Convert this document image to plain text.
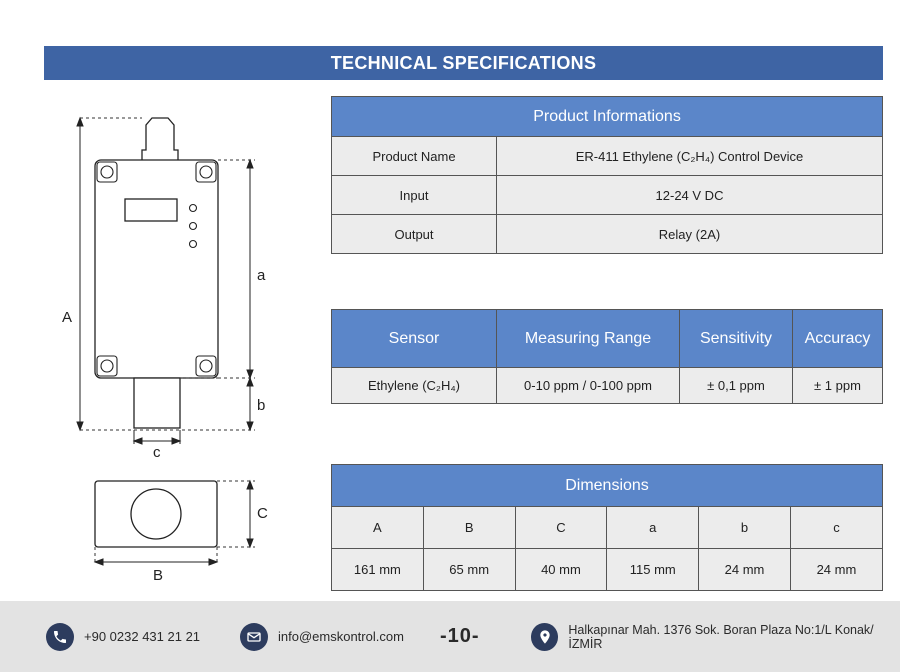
TECHNICAL SPECIFICATIONS
A
a
b
c
C
B
Product Informations	
Product Name	ER-411 Ethylene (C₂H₄) Control Device
Input	12-24 V DC
Output	Relay (2A)
Sensor	Measuring Range	Sensitivity	Accuracy
Ethylene (C₂H₄)	0-10 ppm / 0-100 ppm	± 0,1 ppm	± 1 ppm
Dimensions					
A	B	C	a	b	c
161 mm	65 mm	40 mm	115 mm	24 mm	24 mm
+90 0232 431 21 21	info@emskontrol.com -10-	Halkapınar Mah. 1376 Sok. Boran Plaza No:1/L Konak/İZMİR
